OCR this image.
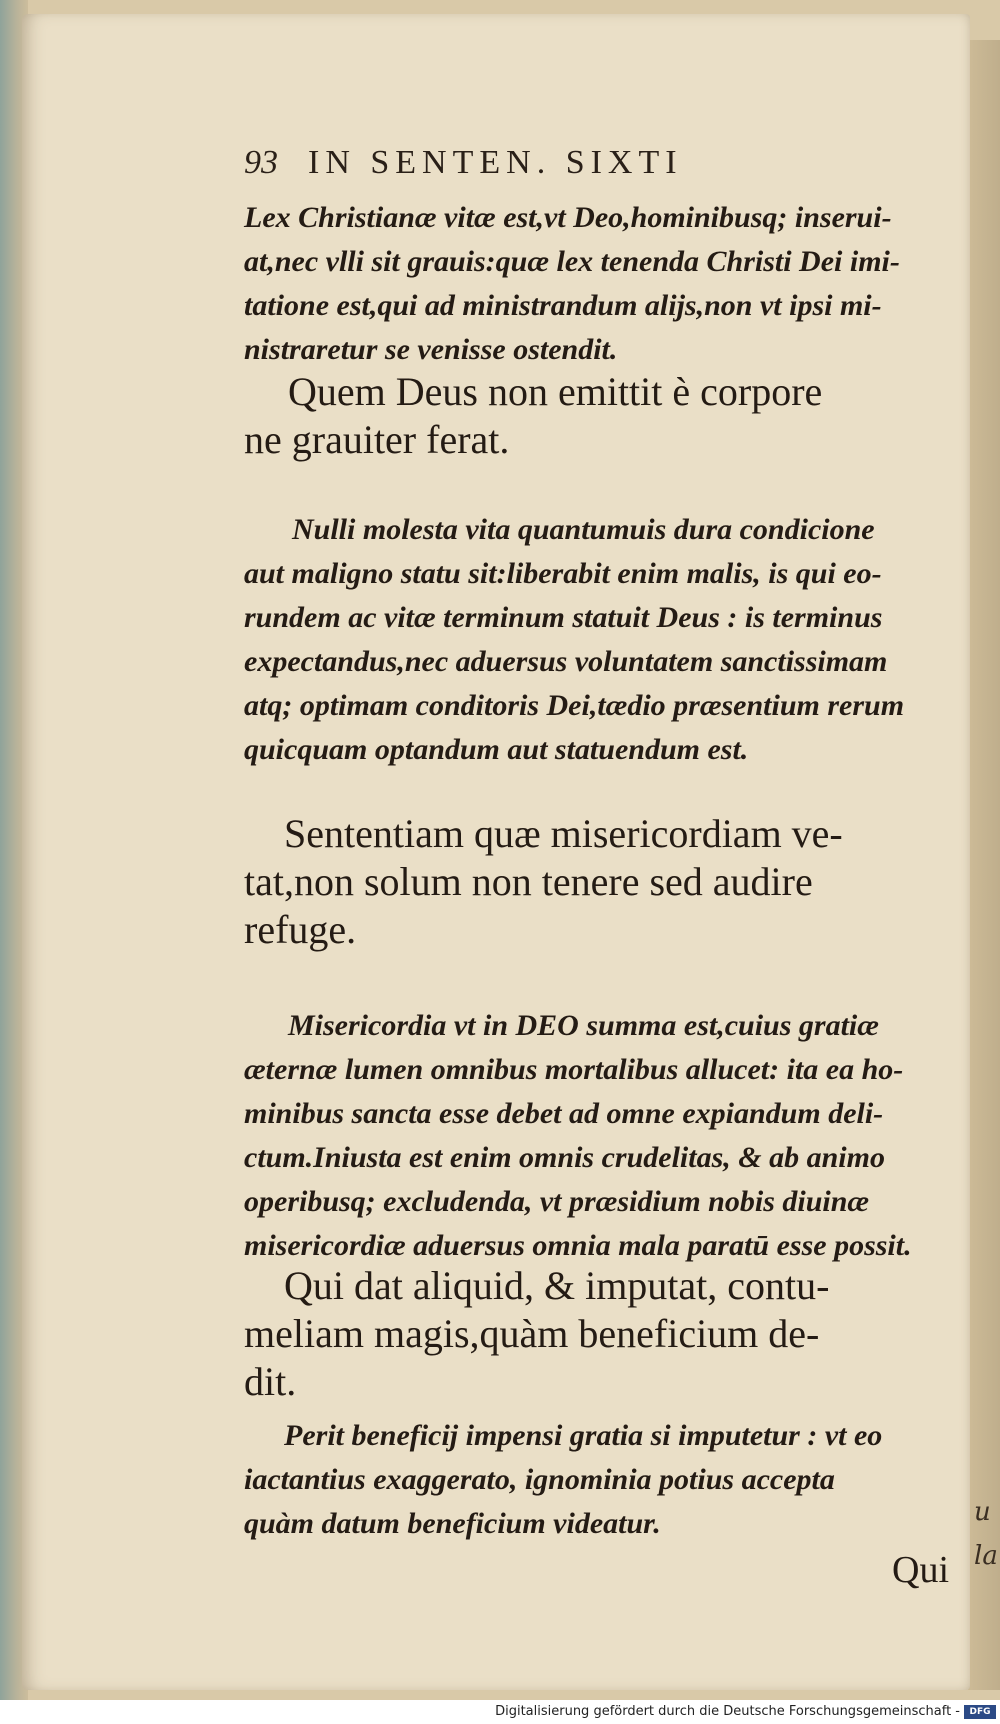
u
la
93 IN SENTEN. SIXTI
Lex Christianæ vitæ est,vt Deo,hominibusq; inserui-
at,nec vlli sit grauis:quæ lex tenenda Christi Dei imi-
tatione est,qui ad ministrandum alijs,non vt ipsi mi-
nistraretur se venisse ostendit.
Quem Deus non emittit è corpore
ne grauiter ferat.
Nulli molesta vita quantumuis dura condicione
aut maligno statu sit:liberabit enim malis, is qui eo-
rundem ac vitæ terminum statuit Deus : is terminus
expectandus,nec aduersus voluntatem sanctissimam
atq; optimam conditoris Dei,tædio præsentium rerum
quicquam optandum aut statuendum est.
Sententiam quæ misericordiam ve-
tat,non solum non tenere sed audire
refuge.
Misericordia vt in DEO summa est,cuius gratiæ
æternæ lumen omnibus mortalibus allucet: ita ea ho-
minibus sancta esse debet ad omne expiandum deli-
ctum.Iniusta est enim omnis crudelitas, & ab animo
operibusq; excludenda, vt præsidium nobis diuinæ
misericordiæ aduersus omnia mala paratū esse possit.
Qui dat aliquid, & imputat, contu-
meliam magis,quàm beneficium de-
dit.
Perit beneficij impensi gratia si imputetur : vt eo
iactantius exaggerato, ignominia potius accepta
quàm datum beneficium videatur.
Qui
Digitalisierung gefördert durch die Deutsche Forschungsgemeinschaft -	DFG
